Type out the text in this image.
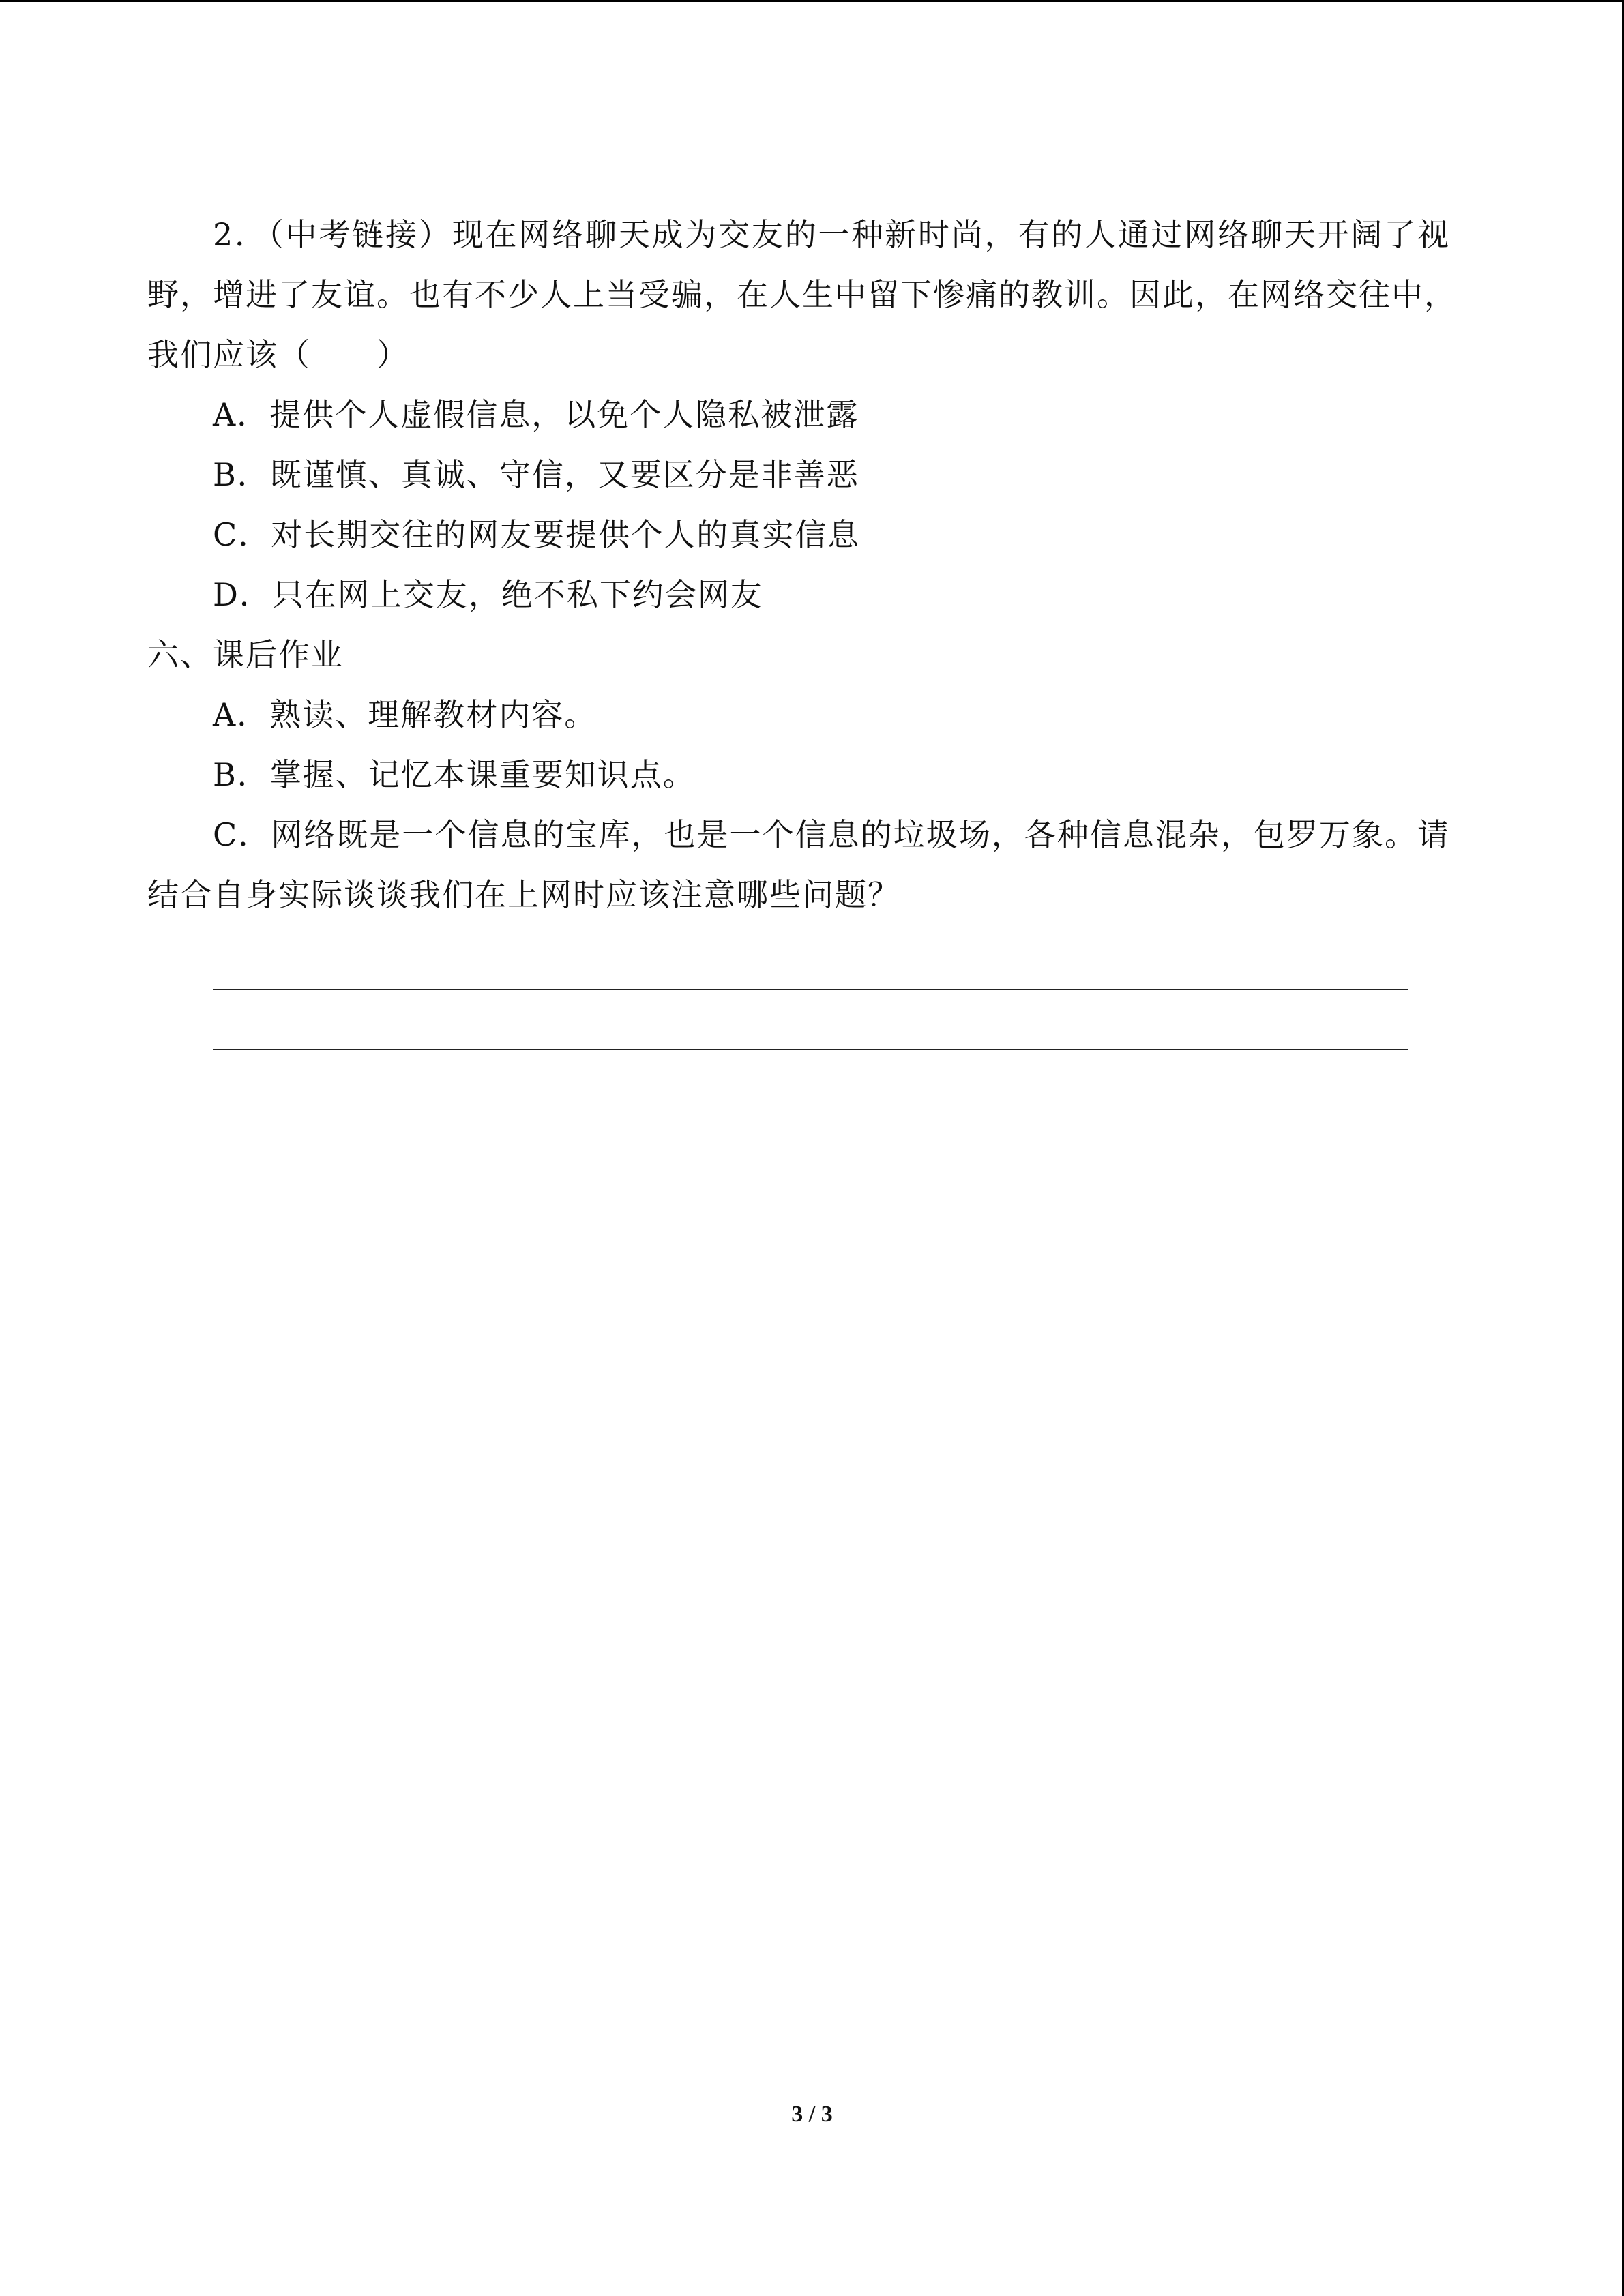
2．（中考链接）现在网络聊天成为交友的一种新时尚，有的人通过网络聊天开阔了视
野，增进了友谊。也有不少人上当受骗，在人生中留下惨痛的教训。因此，在网络交往中，
我们应该（　　）
A．提供个人虚假信息，以免个人隐私被泄露
B．既谨慎、真诚、守信，又要区分是非善恶
C．对长期交往的网友要提供个人的真实信息
D．只在网上交友，绝不私下约会网友
六、课后作业
A．熟读、理解教材内容。
B．掌握、记忆本课重要知识点。
C．网络既是一个信息的宝库，也是一个信息的垃圾场，各种信息混杂，包罗万象。请
结合自身实际谈谈我们在上网时应该注意哪些问题？
3 / 3
